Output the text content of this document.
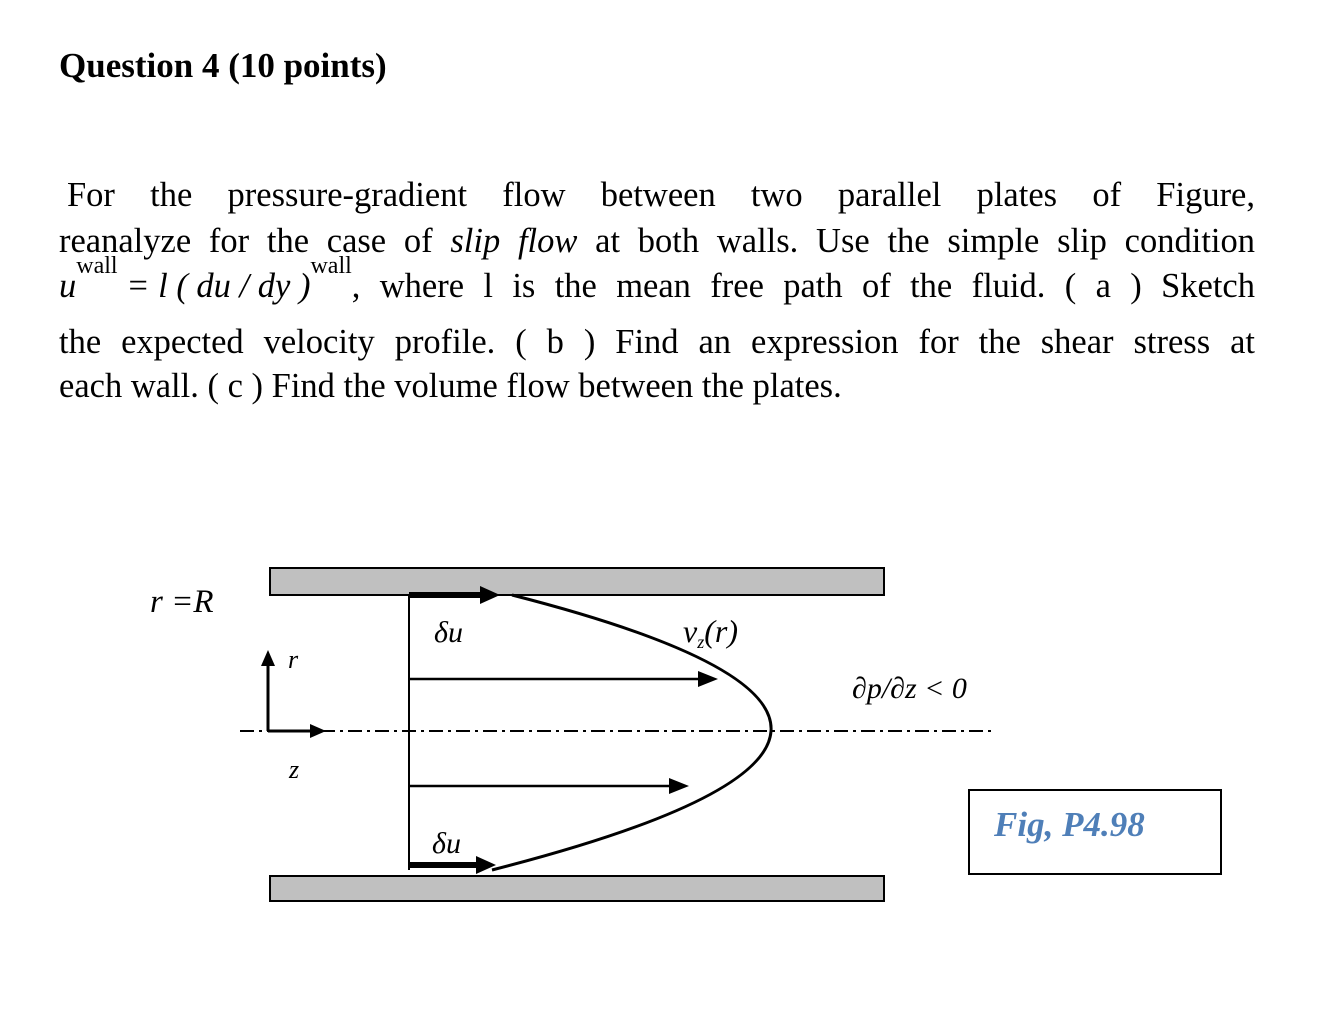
Question 4 (10 points)
For the pressure-gradient flow between two parallel plates of Figure,
reanalyze for the case of slip flow at both walls. Use the simple slip condition
u
wall
= l ( du / dy )
wall
, where l is the mean free path of the fluid. ( a ) Sketch
the expected velocity profile. ( b ) Find an expression for the shear stress at
each wall. ( c ) Find the volume flow between the plates.
r =R
r
z
δu
δu
vz(r)
∂p/∂z < 0
Fig, P4.98
